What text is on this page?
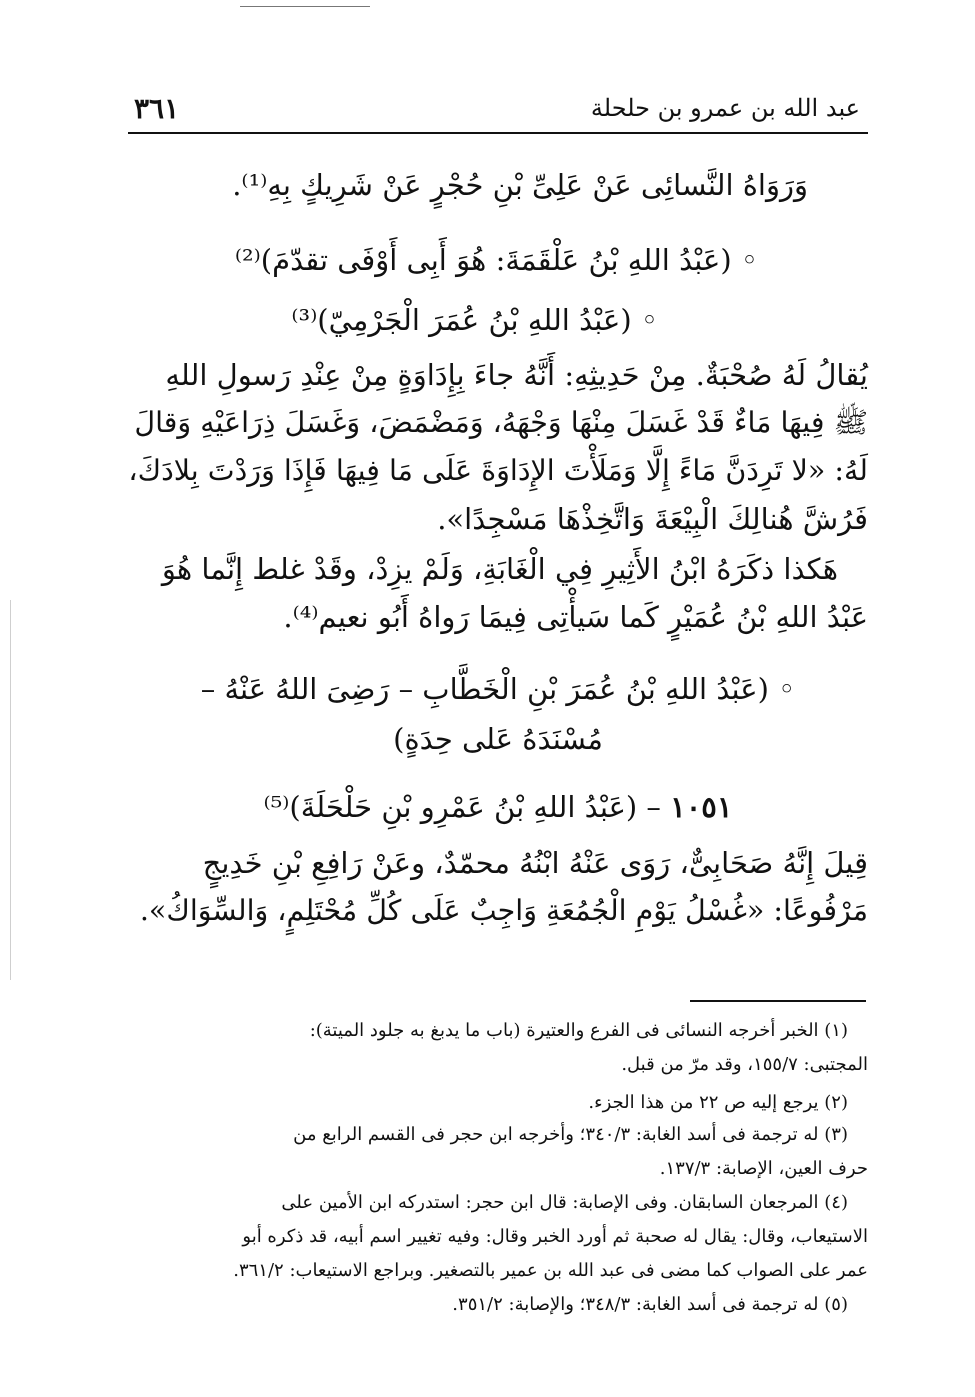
عبد الله بن عمرو بن حلحلة
٣٦١
وَرَوَاهُ النَّسائِى عَنْ عَلِىِّ بْنِ حُجْرٍ عَنْ شَرِيكٍ بِهِ⁽¹⁾.
◦ (عَبْدُ اللهِ بْنُ عَلْقَمَةَ: هُوَ أَبِى أَوْفَى تقدّمَ)⁽²⁾
◦ (عَبْدُ اللهِ بْنُ عُمَرَ الْجَرْمِيّ)⁽³⁾
يُقالُ لَهُ صُحْبَةٌ. مِنْ حَدِيثِهِ: أَنَّهُ جاءَ بِإِدَاوَةٍ مِنْ عِنْدِ رَسولِ اللهِ
ﷺ فِيهَا مَاءٌ قَدْ غَسَلَ مِنْهَا وَجْهَهُ، وَمَضْمَضَ، وَغَسَلَ ذِرَاعَيْهِ وَقالَ
لَهُ: «لا تَرِدَنَّ مَاءً إِلَّا وَمَلَأْتَ الإِدَاوَةَ عَلَى مَا فِيهَا فَإِذَا وَرَدْتَ بِلادَكَ،
فَرُشَّ هُنالِكَ الْبِيْعَةَ وَاتَّخِذْهَا مَسْجِدًا».
هَكذا ذكَرَهُ ابْنُ الأَثِيرِ فِي الْغَابَةِ، وَلَمْ يزِدْ، وقَدْ غلط إِنَّما هُوَ
عَبْدُ اللهِ بْنُ عُمَيْرٍ كَما سَيأْتِى فِيمَا رَواهُ أَبُو نعيم⁽⁴⁾.
◦ (عَبْدُ اللهِ بْنُ عُمَرَ بْنِ الْخَطَّابِ – رَضِىَ اللهُ عَنْهُ –
مُسْنَدَهُ عَلى حِدَةٍ)
١٠٥١ – (عَبْدُ اللهِ بْنُ عَمْرِو بْنِ حَلْحَلَةَ)⁽⁵⁾
قِيلَ إِنَّهُ صَحَابِىٌّ، رَوَى عَنْهُ ابْنُهُ محمّدٌ، وعَنْ رَافِعِ بْنِ خَدِيجٍ
مَرْفُوعًا: «غُسْلُ يَوْمِ الْجُمُعَةِ وَاجِبٌ عَلَى كُلِّ مُحْتَلِمٍ، وَالسِّوَاكُ».
(١) الخبر أخرجه النسائى فى الفرع والعتيرة (باب ما يدبغ به جلود الميتة):
المجتبى: ١٥٥/٧، وقد مرّ من قبل.
(٢) يرجع إليه ص ٢٢ من هذا الجزء.
(٣) له ترجمة فى أسد الغابة: ٣٤٠/٣؛ وأخرجه ابن حجر فى القسم الرابع من
حرف العين، الإصابة: ١٣٧/٣.
(٤) المرجعان السابقان. وفى الإصابة: قال ابن حجر: استدركه ابن الأمين على
الاستيعاب، وقال: يقال له صحبة ثم أورد الخبر وقال: وفيه تغيير اسم أبيه، قد ذكره أبو
عمر على الصواب كما مضى فى عبد الله بن عمير بالتصغير. وبراجع الاستيعاب: ٣٦١/٢.
(٥) له ترجمة فى أسد الغابة: ٣٤٨/٣؛ والإصابة: ٣٥١/٢.
